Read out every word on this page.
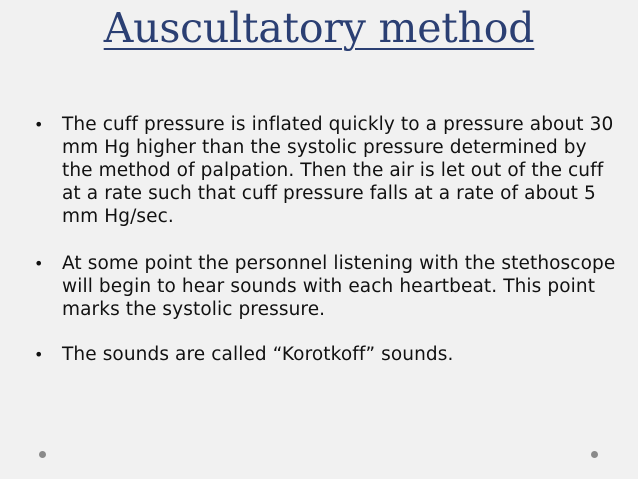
Auscultatory method
• The cuff pressure is inflated quickly to a pressure about 30 mm Hg higher than the systolic pressure determined by the method of palpation. Then the air is let out of the cuff at a rate such that cuff pressure falls at a rate of about 5 mm Hg/sec.
• At some point the personnel listening with the stethoscope will begin to hear sounds with each heartbeat. This point marks the systolic pressure.
• The sounds are called “Korotkoff” sounds.
